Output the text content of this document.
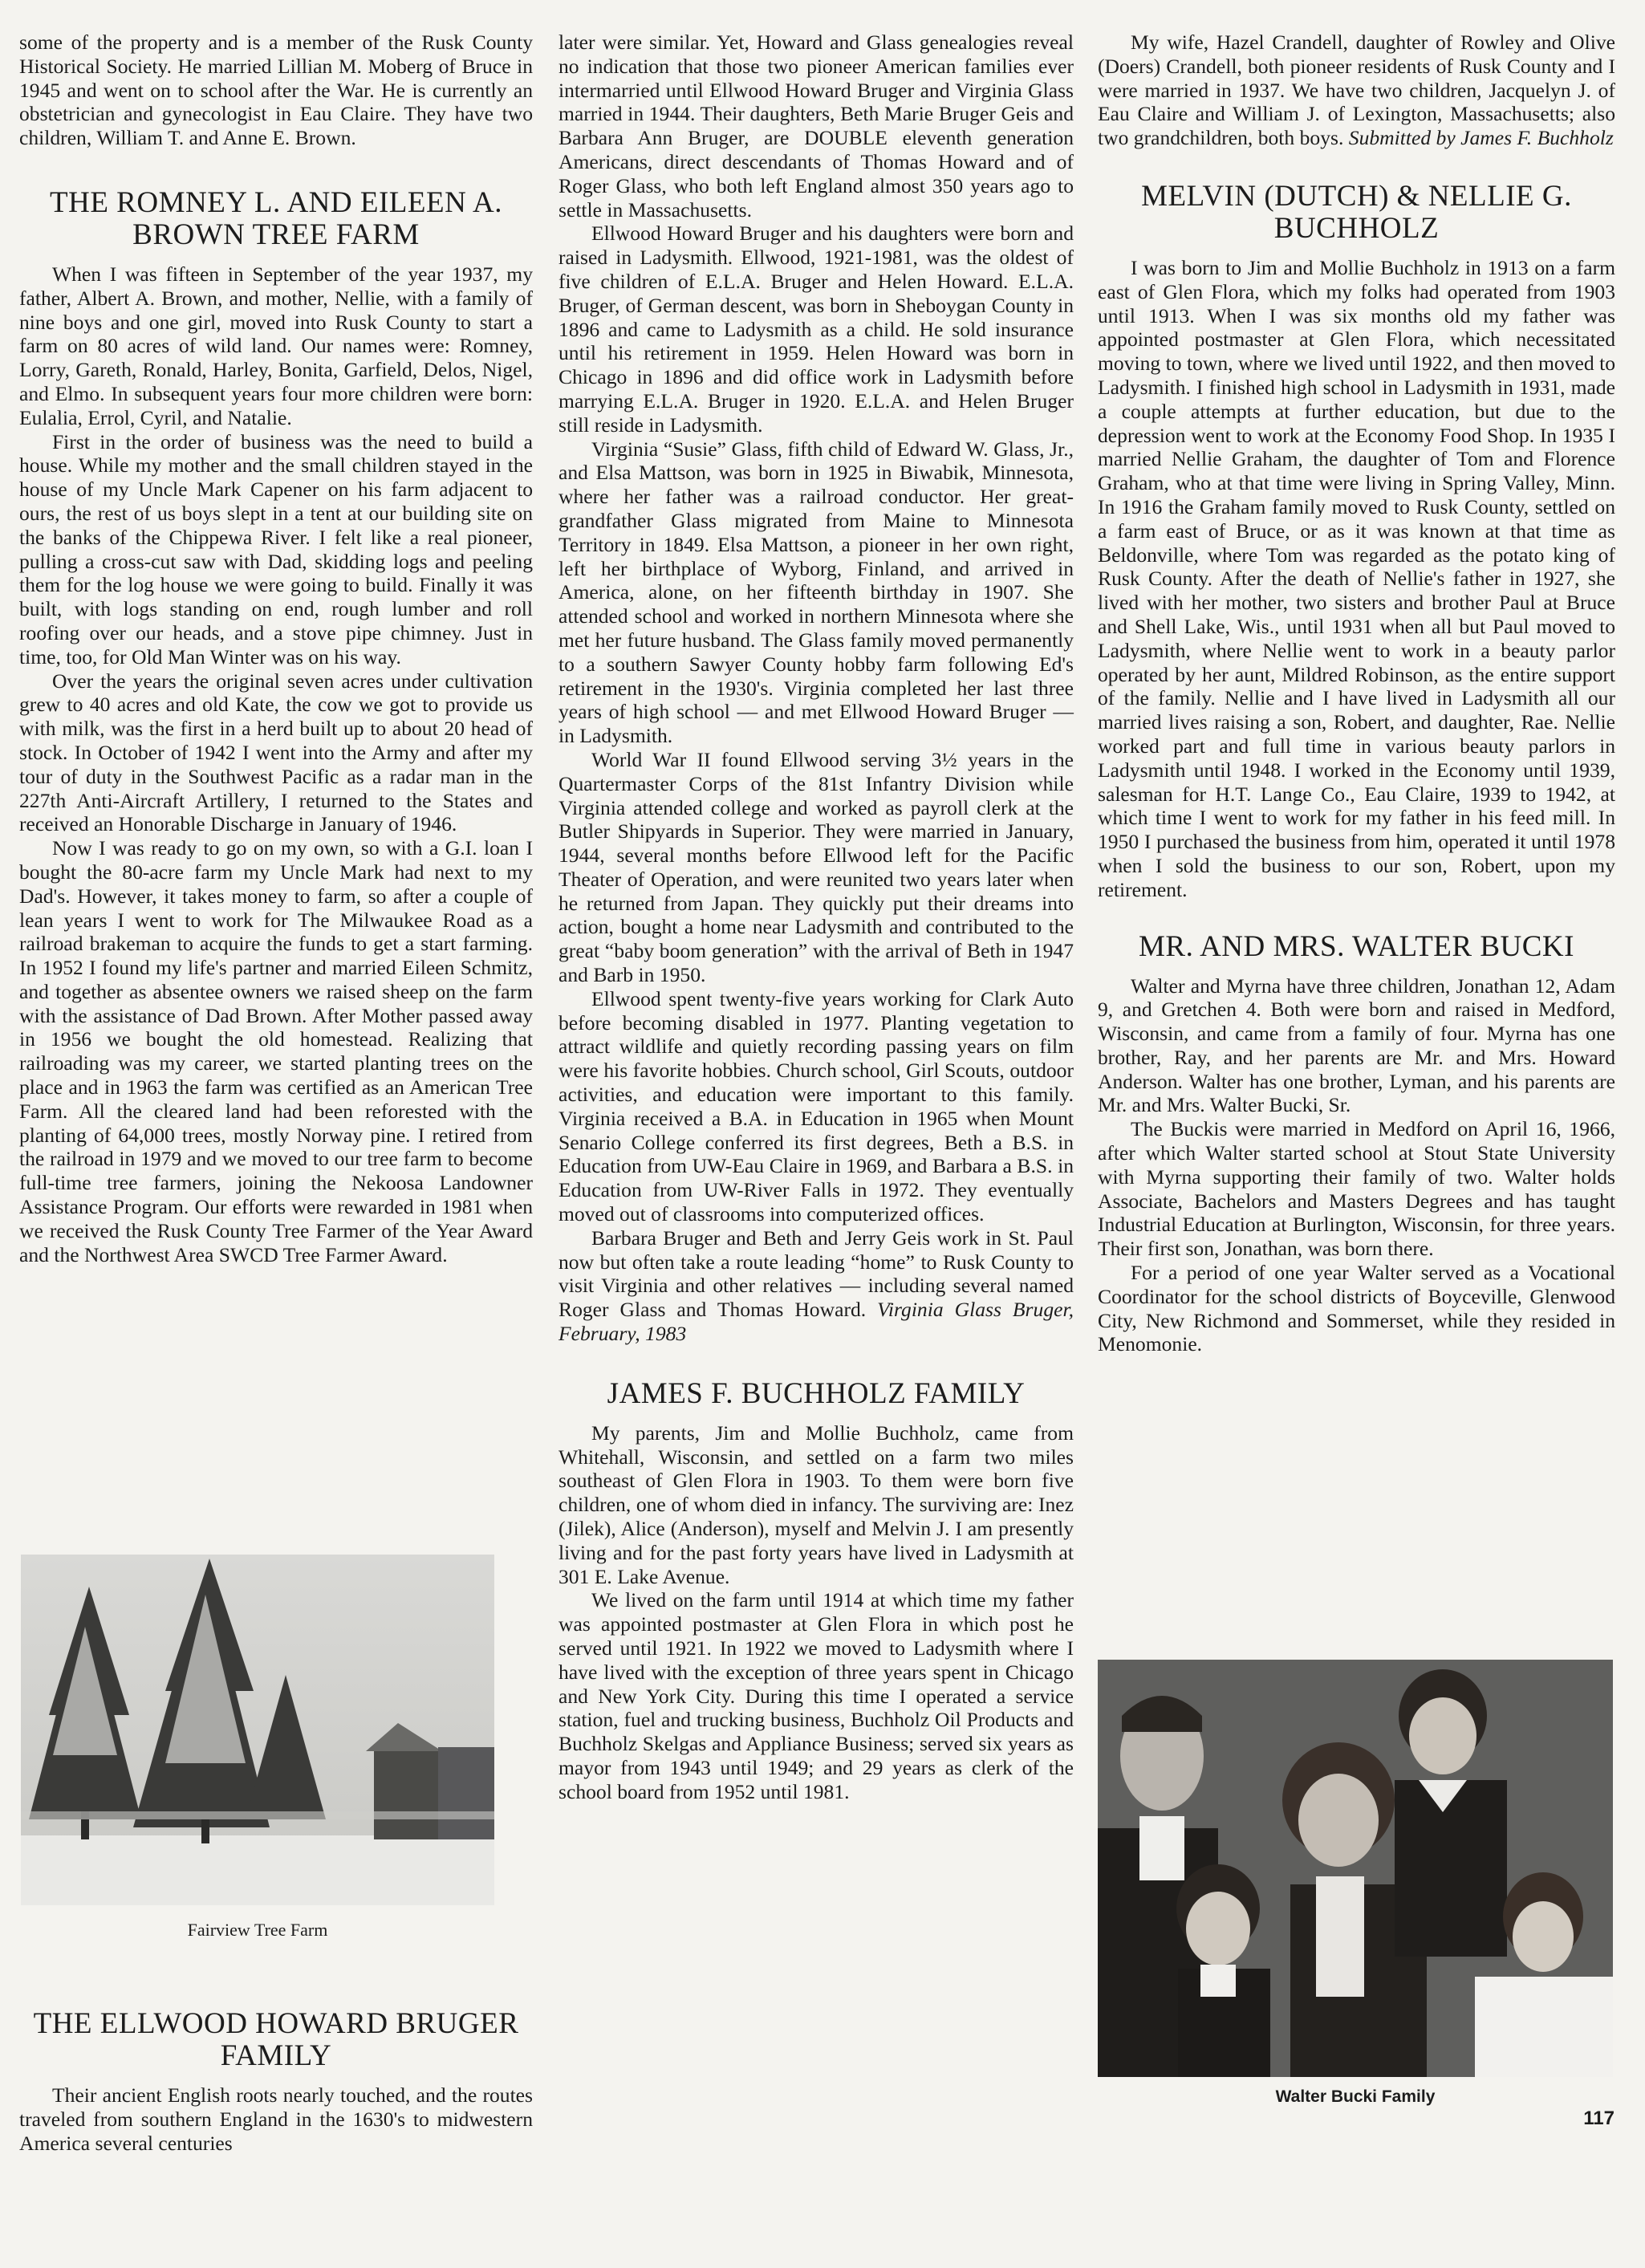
some of the property and is a member of the Rusk County Historical Society. He married Lillian M. Moberg of Bruce in 1945 and went on to school after the War. He is currently an obstetrician and gynecologist in Eau Claire. They have two children, William T. and Anne E. Brown.

THE ROMNEY L. AND EILEEN A. BROWN TREE FARM

When I was fifteen in September of the year 1937, my father, Albert A. Brown, and mother, Nellie, with a family of nine boys and one girl, moved into Rusk County to start a farm on 80 acres of wild land. Our names were: Romney, Lorry, Gareth, Ronald, Harley, Bonita, Garfield, Delos, Nigel, and Elmo. In subsequent years four more children were born: Eulalia, Errol, Cyril, and Natalie.

First in the order of business was the need to build a house. While my mother and the small children stayed in the house of my Uncle Mark Capener on his farm adjacent to ours, the rest of us boys slept in a tent at our building site on the banks of the Chippewa River. I felt like a real pioneer, pulling a cross-cut saw with Dad, skidding logs and peeling them for the log house we were going to build. Finally it was built, with logs standing on end, rough lumber and roll roofing over our heads, and a stove pipe chimney. Just in time, too, for Old Man Winter was on his way.

Over the years the original seven acres under cultivation grew to 40 acres and old Kate, the cow we got to provide us with milk, was the first in a herd built up to about 20 head of stock. In October of 1942 I went into the Army and after my tour of duty in the Southwest Pacific as a radar man in the 227th Anti-Aircraft Artillery, I returned to the States and received an Honorable Discharge in January of 1946.

Now I was ready to go on my own, so with a G.I. loan I bought the 80-acre farm my Uncle Mark had next to my Dad's. However, it takes money to farm, so after a couple of lean years I went to work for The Milwaukee Road as a railroad brakeman to acquire the funds to get a start farming. In 1952 I found my life's partner and married Eileen Schmitz, and together as absentee owners we raised sheep on the farm with the assistance of Dad Brown. After Mother passed away in 1956 we bought the old homestead. Realizing that railroading was my career, we started planting trees on the place and in 1963 the farm was certified as an American Tree Farm. All the cleared land had been reforested with the planting of 64,000 trees, mostly Norway pine. I retired from the railroad in 1979 and we moved to our tree farm to become full-time tree farmers, joining the Nekoosa Landowner Assistance Program. Our efforts were rewarded in 1981 when we received the Rusk County Tree Farmer of the Year Award and the Northwest Area SWCD Tree Farmer Award.

Fairview Tree Farm
THE ELLWOOD HOWARD BRUGER FAMILY

Their ancient English roots nearly touched, and the routes traveled from southern England in the 1630's to midwestern America several centuries

later were similar. Yet, Howard and Glass genealogies reveal no indication that those two pioneer American families ever intermarried until Ellwood Howard Bruger and Virginia Glass married in 1944. Their daughters, Beth Marie Bruger Geis and Barbara Ann Bruger, are DOUBLE eleventh generation Americans, direct descendants of Thomas Howard and of Roger Glass, who both left England almost 350 years ago to settle in Massachusetts.

Ellwood Howard Bruger and his daughters were born and raised in Ladysmith. Ellwood, 1921-1981, was the oldest of five children of E.L.A. Bruger and Helen Howard. E.L.A. Bruger, of German descent, was born in Sheboygan County in 1896 and came to Ladysmith as a child. He sold insurance until his retirement in 1959. Helen Howard was born in Chicago in 1896 and did office work in Ladysmith before marrying E.L.A. Bruger in 1920. E.L.A. and Helen Bruger still reside in Ladysmith.

Virginia “Susie” Glass, fifth child of Edward W. Glass, Jr., and Elsa Mattson, was born in 1925 in Biwabik, Minnesota, where her father was a railroad conductor. Her great-grandfather Glass migrated from Maine to Minnesota Territory in 1849. Elsa Mattson, a pioneer in her own right, left her birthplace of Wyborg, Finland, and arrived in America, alone, on her fifteenth birthday in 1907. She attended school and worked in northern Minnesota where she met her future husband. The Glass family moved permanently to a southern Sawyer County hobby farm following Ed's retirement in the 1930's. Virginia completed her last three years of high school — and met Ellwood Howard Bruger — in Ladysmith.

World War II found Ellwood serving 3½ years in the Quartermaster Corps of the 81st Infantry Division while Virginia attended college and worked as payroll clerk at the Butler Shipyards in Superior. They were married in January, 1944, several months before Ellwood left for the Pacific Theater of Operation, and were reunited two years later when he returned from Japan. They quickly put their dreams into action, bought a home near Ladysmith and contributed to the great “baby boom generation” with the arrival of Beth in 1947 and Barb in 1950.

Ellwood spent twenty-five years working for Clark Auto before becoming disabled in 1977. Planting vegetation to attract wildlife and quietly recording passing years on film were his favorite hobbies. Church school, Girl Scouts, outdoor activities, and education were important to this family. Virginia received a B.A. in Education in 1965 when Mount Senario College conferred its first degrees, Beth a B.S. in Education from UW-Eau Claire in 1969, and Barbara a B.S. in Education from UW-River Falls in 1972. They eventually moved out of classrooms into computerized offices.

Barbara Bruger and Beth and Jerry Geis work in St. Paul now but often take a route leading “home” to Rusk County to visit Virginia and other relatives — including several named Roger Glass and Thomas Howard. Virginia Glass Bruger, February, 1983

JAMES F. BUCHHOLZ FAMILY

My parents, Jim and Mollie Buchholz, came from Whitehall, Wisconsin, and settled on a farm two miles southeast of Glen Flora in 1903. To them were born five children, one of whom died in infancy. The surviving are: Inez (Jilek), Alice (Anderson), myself and Melvin J. I am presently living and for the past forty years have lived in Ladysmith at 301 E. Lake Avenue.

We lived on the farm until 1914 at which time my father was appointed postmaster at Glen Flora in which post he served until 1921. In 1922 we moved to Ladysmith where I have lived with the exception of three years spent in Chicago and New York City. During this time I operated a service station, fuel and trucking business, Buchholz Oil Products and Buchholz Skelgas and Appliance Business; served six years as mayor from 1943 until 1949; and 29 years as clerk of the school board from 1952 until 1981.

My wife, Hazel Crandell, daughter of Rowley and Olive (Doers) Crandell, both pioneer residents of Rusk County and I were married in 1937. We have two children, Jacquelyn J. of Eau Claire and William J. of Lexington, Massachusetts; also two grandchildren, both boys. Submitted by James F. Buchholz

MELVIN (DUTCH) & NELLIE G. BUCHHOLZ

I was born to Jim and Mollie Buchholz in 1913 on a farm east of Glen Flora, which my folks had operated from 1903 until 1913. When I was six months old my father was appointed postmaster at Glen Flora, which necessitated moving to town, where we lived until 1922, and then moved to Ladysmith. I finished high school in Ladysmith in 1931, made a couple attempts at further education, but due to the depression went to work at the Economy Food Shop. In 1935 I married Nellie Graham, the daughter of Tom and Florence Graham, who at that time were living in Spring Valley, Minn. In 1916 the Graham family moved to Rusk County, settled on a farm east of Bruce, or as it was known at that time as Beldonville, where Tom was regarded as the potato king of Rusk County. After the death of Nellie's father in 1927, she lived with her mother, two sisters and brother Paul at Bruce and Shell Lake, Wis., until 1931 when all but Paul moved to Ladysmith, where Nellie went to work in a beauty parlor operated by her aunt, Mildred Robinson, as the entire support of the family. Nellie and I have lived in Ladysmith all our married lives raising a son, Robert, and daughter, Rae. Nellie worked part and full time in various beauty parlors in Ladysmith until 1948. I worked in the Economy until 1939, salesman for H.T. Lange Co., Eau Claire, 1939 to 1942, at which time I went to work for my father in his feed mill. In 1950 I purchased the business from him, operated it until 1978 when I sold the business to our son, Robert, upon my retirement.

MR. AND MRS. WALTER BUCKI

Walter and Myrna have three children, Jonathan 12, Adam 9, and Gretchen 4. Both were born and raised in Medford, Wisconsin, and came from a family of four. Myrna has one brother, Ray, and her parents are Mr. and Mrs. Howard Anderson. Walter has one brother, Lyman, and his parents are Mr. and Mrs. Walter Bucki, Sr.

The Buckis were married in Medford on April 16, 1966, after which Walter started school at Stout State University with Myrna supporting their family of two. Walter holds Associate, Bachelors and Masters Degrees and has taught Industrial Education at Burlington, Wisconsin, for three years. Their first son, Jonathan, was born there.

For a period of one year Walter served as a Vocational Coordinator for the school districts of Boyceville, Glenwood City, New Richmond and Sommerset, while they resided in Menomonie.

Walter Bucki Family
117
